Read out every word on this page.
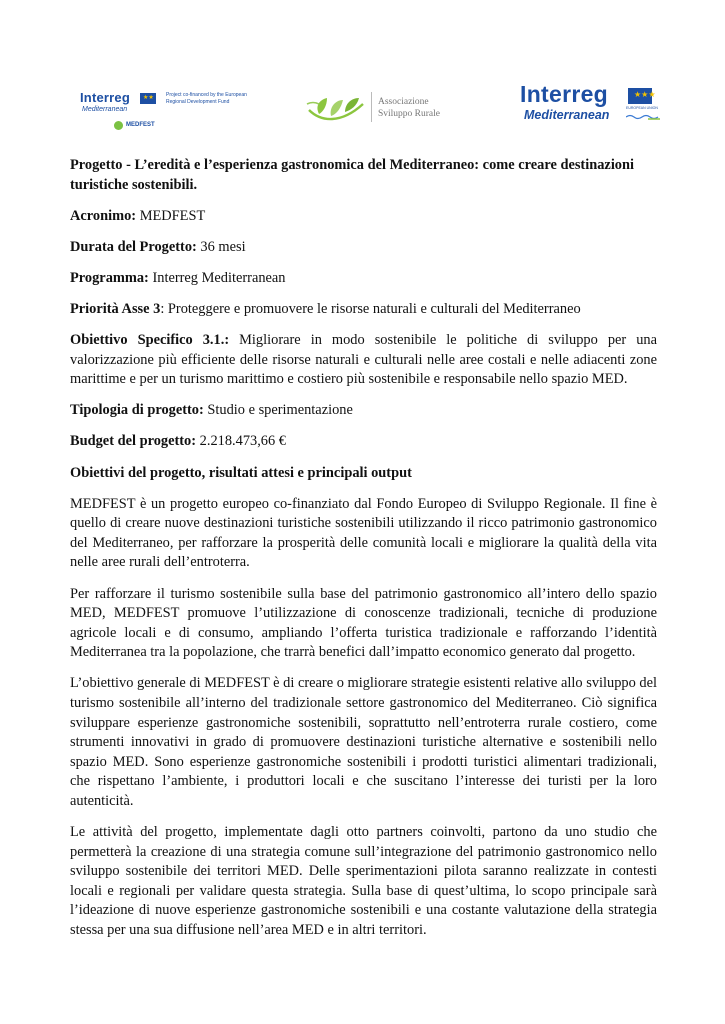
Interreg
Mediterranean
★★ Project co-financed by the European Regional Development Fund
MEDFEST
Associazione
Sviluppo Rurale
Interreg
Mediterranean
★★★
EUROPEAN UNION

Progetto - L’eredità e l’esperienza gastronomica del Mediterraneo: come creare destinazioni turistiche sostenibili.

Acronimo: MEDFEST

Durata del Progetto: 36 mesi

Programma: Interreg Mediterranean

Priorità Asse 3: Proteggere e promuovere le risorse naturali e culturali del Mediterraneo

Obiettivo Specifico 3.1.: Migliorare in modo sostenibile le politiche di sviluppo per una valorizzazione più efficiente delle risorse naturali e culturali nelle aree costali e nelle adiacenti zone marittime e per un turismo marittimo e costiero più sostenibile e responsabile nello spazio MED.

Tipologia di progetto: Studio e sperimentazione

Budget del progetto: 2.218.473,66 €

Obiettivi del progetto, risultati attesi e principali output

MEDFEST è un progetto europeo co-finanziato dal Fondo Europeo di Sviluppo Regionale. Il fine è quello di creare nuove destinazioni turistiche sostenibili utilizzando il ricco patrimonio gastronomico del Mediterraneo, per rafforzare la prosperità delle comunità locali e migliorare la qualità della vita nelle aree rurali dell’entroterra.

Per rafforzare il turismo sostenibile sulla base del patrimonio gastronomico all’intero dello spazio MED, MEDFEST promuove l’utilizzazione di conoscenze tradizionali, tecniche di produzione agricole locali e di consumo, ampliando l’offerta turistica tradizionale e rafforzando l’identità Mediterranea tra la popolazione, che trarrà benefici dall’impatto economico generato dal progetto.

L’obiettivo generale di MEDFEST è di creare o migliorare strategie esistenti relative allo sviluppo del turismo sostenibile all’interno del tradizionale settore gastronomico del Mediterraneo. Ciò significa sviluppare esperienze gastronomiche sostenibili, soprattutto nell’entroterra rurale costiero, come strumenti innovativi in grado di promuovere destinazioni turistiche alternative e sostenibili nello spazio MED. Sono esperienze gastronomiche sostenibili i prodotti turistici alimentari tradizionali, che rispettano l’ambiente, i produttori locali e che suscitano l’interesse dei turisti per la loro autenticità.

Le attività del progetto, implementate dagli otto partners coinvolti, partono da uno studio che permetterà la creazione di una strategia comune sull’integrazione del patrimonio gastronomico nello sviluppo sostenibile dei territori MED. Delle sperimentazioni pilota saranno realizzate in contesti locali e regionali per validare questa strategia. Sulla base di quest’ultima, lo scopo principale sarà l’ideazione di nuove esperienze gastronomiche sostenibili e una costante valutazione della strategia stessa per una sua diffusione nell’area MED e in altri territori.
